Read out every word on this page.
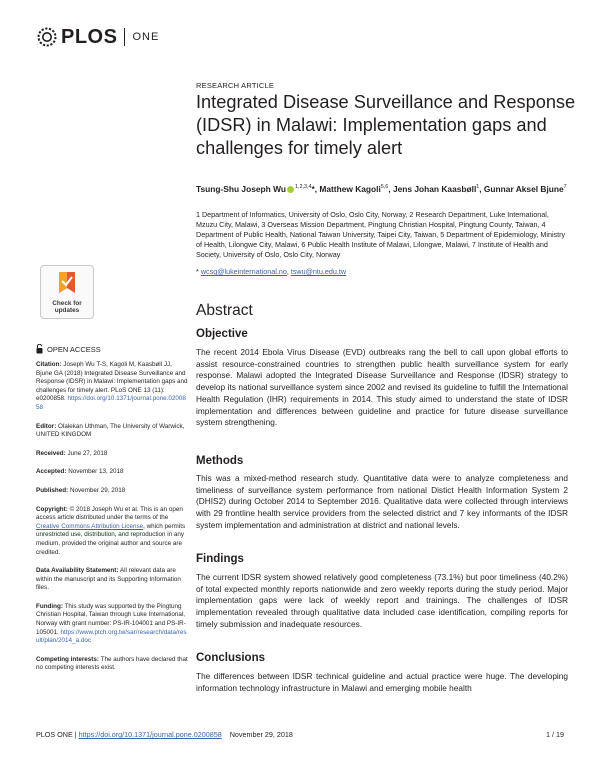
PLOS ONE
RESEARCH ARTICLE
Integrated Disease Surveillance and Response (IDSR) in Malawi: Implementation gaps and challenges for timely alert
Tsung-Shu Joseph Wu $^{1,2,3,4}$*, Matthew Kagoli$^{5,6}$, Jens Johan Kaasbøll$^1$, Gunnar Aksel Bjune$^7$
1 Department of Informatics, University of Oslo, Oslo City, Norway, 2 Research Department, Luke International, Mzuzu City, Malawi, 3 Overseas Mission Department, Pingtung Christian Hospital, Pingtung County, Taiwan, 4 Department of Public Health, National Taiwan University, Taipei City, Taiwan, 5 Department of Epidemiology, Ministry of Health, Lilongwe City, Malawi, 6 Public Health Institute of Malawi, Lilongwe, Malawi, 7 Institute of Health and Society, University of Oslo, Oslo City, Norway
* wcsg@lukeinternational.no, tswu@ntu.edu.tw
Check for
updates
OPEN ACCESS
Citation: Joseph Wu T-S, Kagoli M, Kaasbøll JJ, Bjune GA (2018) Integrated Disease Surveillance and Response (IDSR) in Malawi: Implementation gaps and challenges for timely alert. PLoS ONE 13 (11): e0200858. https://doi.org/10.1371/journal.pone.0200858
Editor: Olalekan Uthman, The University of Warwick, UNITED KINGDOM
Received: June 27, 2018
Accepted: November 13, 2018
Published: November 29, 2018
Copyright: © 2018 Joseph Wu et al. This is an open access article distributed under the terms of the Creative Commons Attribution License, which permits unrestricted use, distribution, and reproduction in any medium, provided the original author and source are credited.
Data Availability Statement: All relevant data are within the manuscript and its Supporting Information files.
Funding: This study was supported by the Pingtung Christian Hospital, Taiwan through Luke International, Norway with grant number: PS-IR-104001 and PS-IR-105001. https://www.ptch.org.tw/sar/research/data/result/plan/2014_a.doc
Competing interests: The authors have declared that no competing interests exist.
Abstract
Objective
The recent 2014 Ebola Virus Disease (EVD) outbreaks rang the bell to call upon global efforts to assist resource-constrained countries to strengthen public health surveillance system for early response. Malawi adopted the Integrated Disease Surveillance and Response (IDSR) strategy to develop its national surveillance system since 2002 and revised its guideline to fulfill the International Health Regulation (IHR) requirements in 2014. This study aimed to understand the state of IDSR implementation and differences between guideline and practice for future disease surveillance system strengthening.
Methods
This was a mixed-method research study. Quantitative data were to analyze completeness and timeliness of surveillance system performance from national Distict Health Information System 2 (DHIS2) during October 2014 to September 2016. Qualitative data were collected through interviews with 29 frontline health service providers from the selected district and 7 key informants of the IDSR system implementation and administration at district and national levels.
Findings
The current IDSR system showed relatively good completeness (73.1%) but poor timeliness (40.2%) of total expected monthly reports nationwide and zero weekly reports during the study period. Major implementation gaps were lack of weekly report and trainings. The challenges of IDSR implementation revealed through qualitative data included case identification, compiling reports for timely submission and inadequate resources.
Conclusions
The differences between IDSR technical guideline and actual practice were huge. The developing information technology infrastructure in Malawi and emerging mobile health
PLOS ONE | https://doi.org/10.1371/journal.pone.0200858 November 29, 2018	1 / 19
